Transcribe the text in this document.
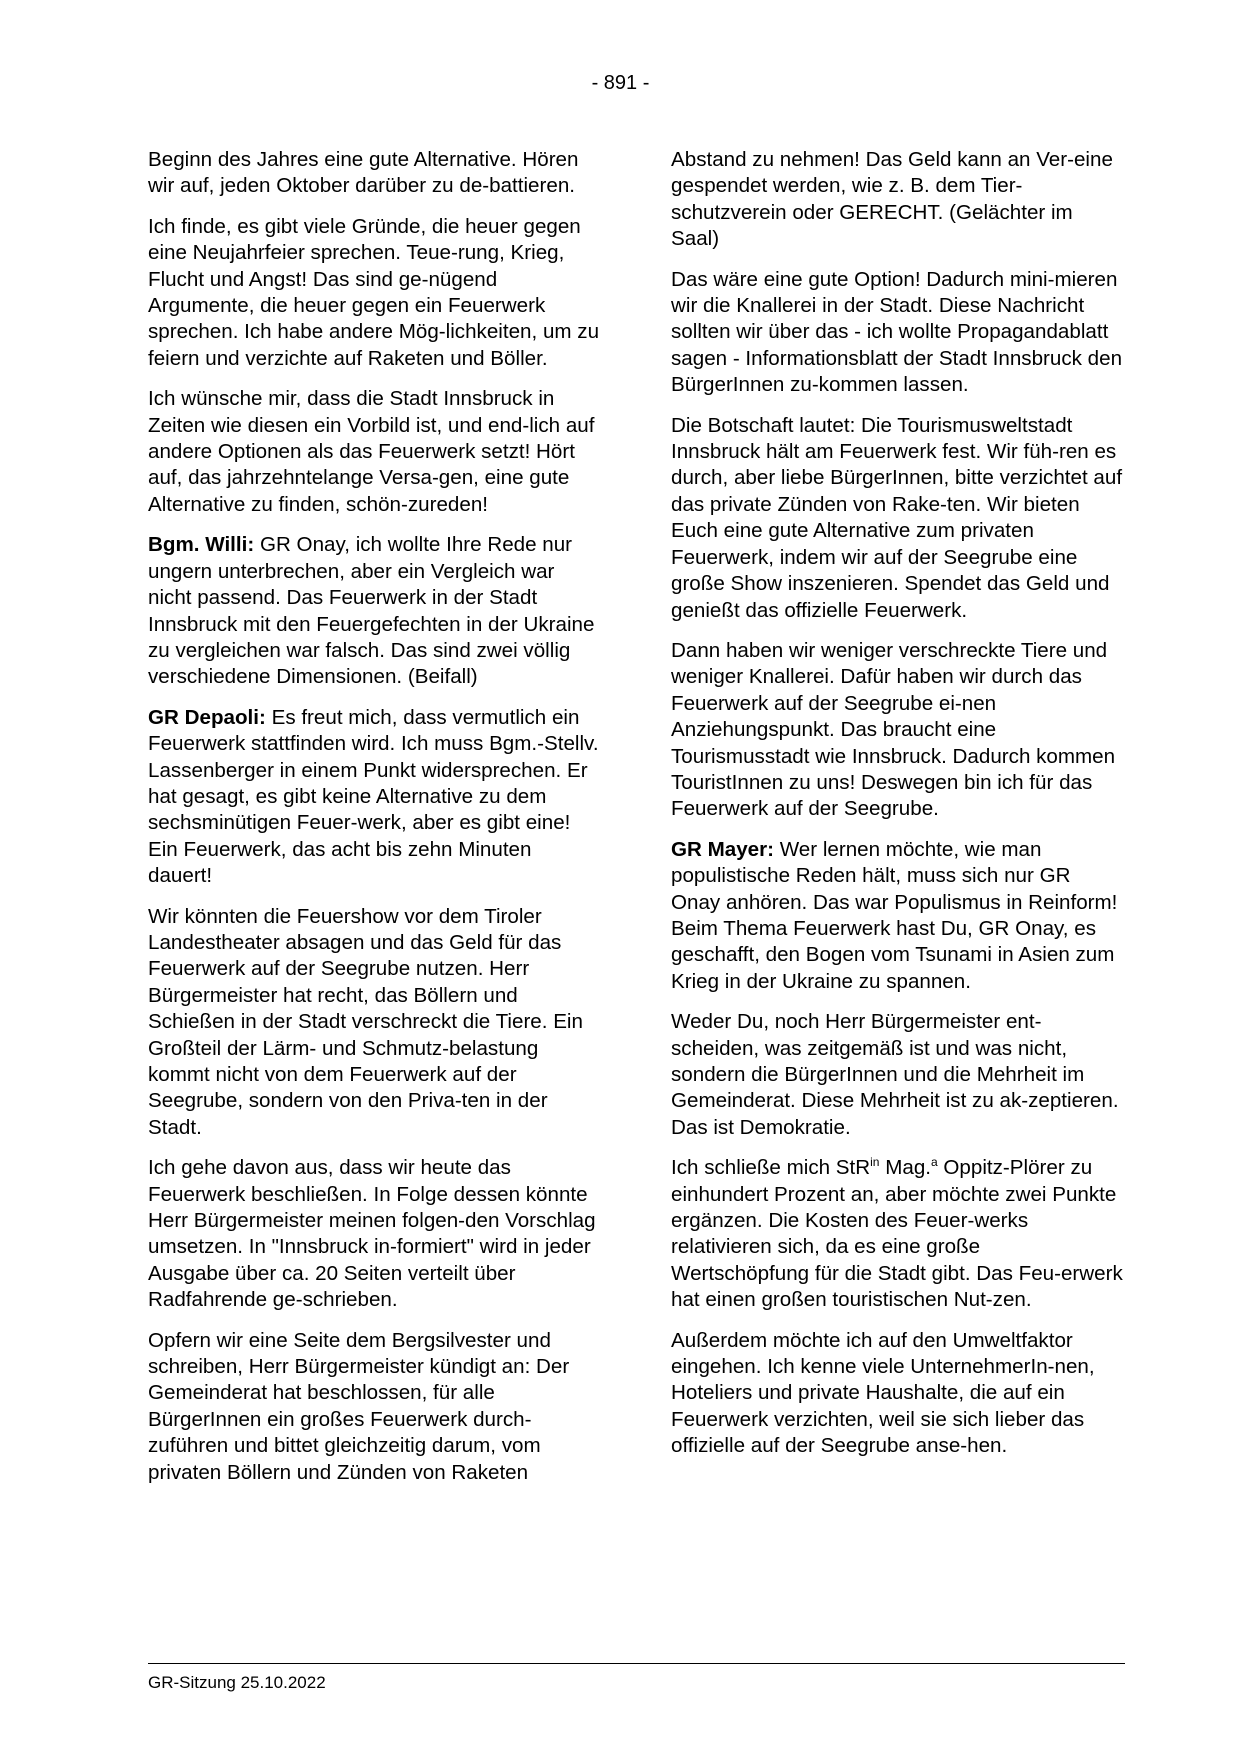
- 891 -

Beginn des Jahres eine gute Alternative. Hören wir auf, jeden Oktober darüber zu de-battieren.

Ich finde, es gibt viele Gründe, die heuer gegen eine Neujahrfeier sprechen. Teue-rung, Krieg, Flucht und Angst! Das sind ge-nügend Argumente, die heuer gegen ein Feuerwerk sprechen. Ich habe andere Mög-lichkeiten, um zu feiern und verzichte auf Raketen und Böller.

Ich wünsche mir, dass die Stadt Innsbruck in Zeiten wie diesen ein Vorbild ist, und end-lich auf andere Optionen als das Feuerwerk setzt! Hört auf, das jahrzehntelange Versa-gen, eine gute Alternative zu finden, schön-zureden!

Bgm. Willi: GR Onay, ich wollte Ihre Rede nur ungern unterbrechen, aber ein Vergleich war nicht passend. Das Feuerwerk in der Stadt Innsbruck mit den Feuergefechten in der Ukraine zu vergleichen war falsch. Das sind zwei völlig verschiedene Dimensionen. (Beifall)

GR Depaoli: Es freut mich, dass vermutlich ein Feuerwerk stattfinden wird. Ich muss Bgm.-Stellv. Lassenberger in einem Punkt widersprechen. Er hat gesagt, es gibt keine Alternative zu dem sechsminütigen Feuer-werk, aber es gibt eine! Ein Feuerwerk, das acht bis zehn Minuten dauert!

Wir könnten die Feuershow vor dem Tiroler Landestheater absagen und das Geld für das Feuerwerk auf der Seegrube nutzen. Herr Bürgermeister hat recht, das Böllern und Schießen in der Stadt verschreckt die Tiere. Ein Großteil der Lärm- und Schmutz-belastung kommt nicht von dem Feuerwerk auf der Seegrube, sondern von den Priva-ten in der Stadt.

Ich gehe davon aus, dass wir heute das Feuerwerk beschließen. In Folge dessen könnte Herr Bürgermeister meinen folgen-den Vorschlag umsetzen. In "Innsbruck in-formiert" wird in jeder Ausgabe über ca. 20 Seiten verteilt über Radfahrende ge-schrieben.

Opfern wir eine Seite dem Bergsilvester und schreiben, Herr Bürgermeister kündigt an: Der Gemeinderat hat beschlossen, für alle BürgerInnen ein großes Feuerwerk durch-zuführen und bittet gleichzeitig darum, vom privaten Böllern und Zünden von Raketen

Abstand zu nehmen! Das Geld kann an Ver-eine gespendet werden, wie z. B. dem Tier-schutzverein oder GERECHT. (Gelächter im Saal)

Das wäre eine gute Option! Dadurch mini-mieren wir die Knallerei in der Stadt. Diese Nachricht sollten wir über das - ich wollte Propagandablatt sagen - Informationsblatt der Stadt Innsbruck den BürgerInnen zu-kommen lassen.

Die Botschaft lautet: Die Tourismusweltstadt Innsbruck hält am Feuerwerk fest. Wir füh-ren es durch, aber liebe BürgerInnen, bitte verzichtet auf das private Zünden von Rake-ten. Wir bieten Euch eine gute Alternative zum privaten Feuerwerk, indem wir auf der Seegrube eine große Show inszenieren. Spendet das Geld und genießt das offizielle Feuerwerk.

Dann haben wir weniger verschreckte Tiere und weniger Knallerei. Dafür haben wir durch das Feuerwerk auf der Seegrube ei-nen Anziehungspunkt. Das braucht eine Tourismusstadt wie Innsbruck. Dadurch kommen TouristInnen zu uns! Deswegen bin ich für das Feuerwerk auf der Seegrube.

GR Mayer: Wer lernen möchte, wie man populistische Reden hält, muss sich nur GR Onay anhören. Das war Populismus in Reinform! Beim Thema Feuerwerk hast Du, GR Onay, es geschafft, den Bogen vom Tsunami in Asien zum Krieg in der Ukraine zu spannen.

Weder Du, noch Herr Bürgermeister ent-scheiden, was zeitgemäß ist und was nicht, sondern die BürgerInnen und die Mehrheit im Gemeinderat. Diese Mehrheit ist zu ak-zeptieren. Das ist Demokratie.

Ich schließe mich StR$^{in}$ Mag.$^a$ Oppitz-Plörer zu einhundert Prozent an, aber möchte zwei Punkte ergänzen. Die Kosten des Feuer-werks relativieren sich, da es eine große Wertschöpfung für die Stadt gibt. Das Feu-erwerk hat einen großen touristischen Nut-zen.

Außerdem möchte ich auf den Umweltfaktor eingehen. Ich kenne viele UnternehmerIn-nen, Hoteliers und private Haushalte, die auf ein Feuerwerk verzichten, weil sie sich lieber das offizielle auf der Seegrube anse-hen.

GR-Sitzung 25.10.2022
